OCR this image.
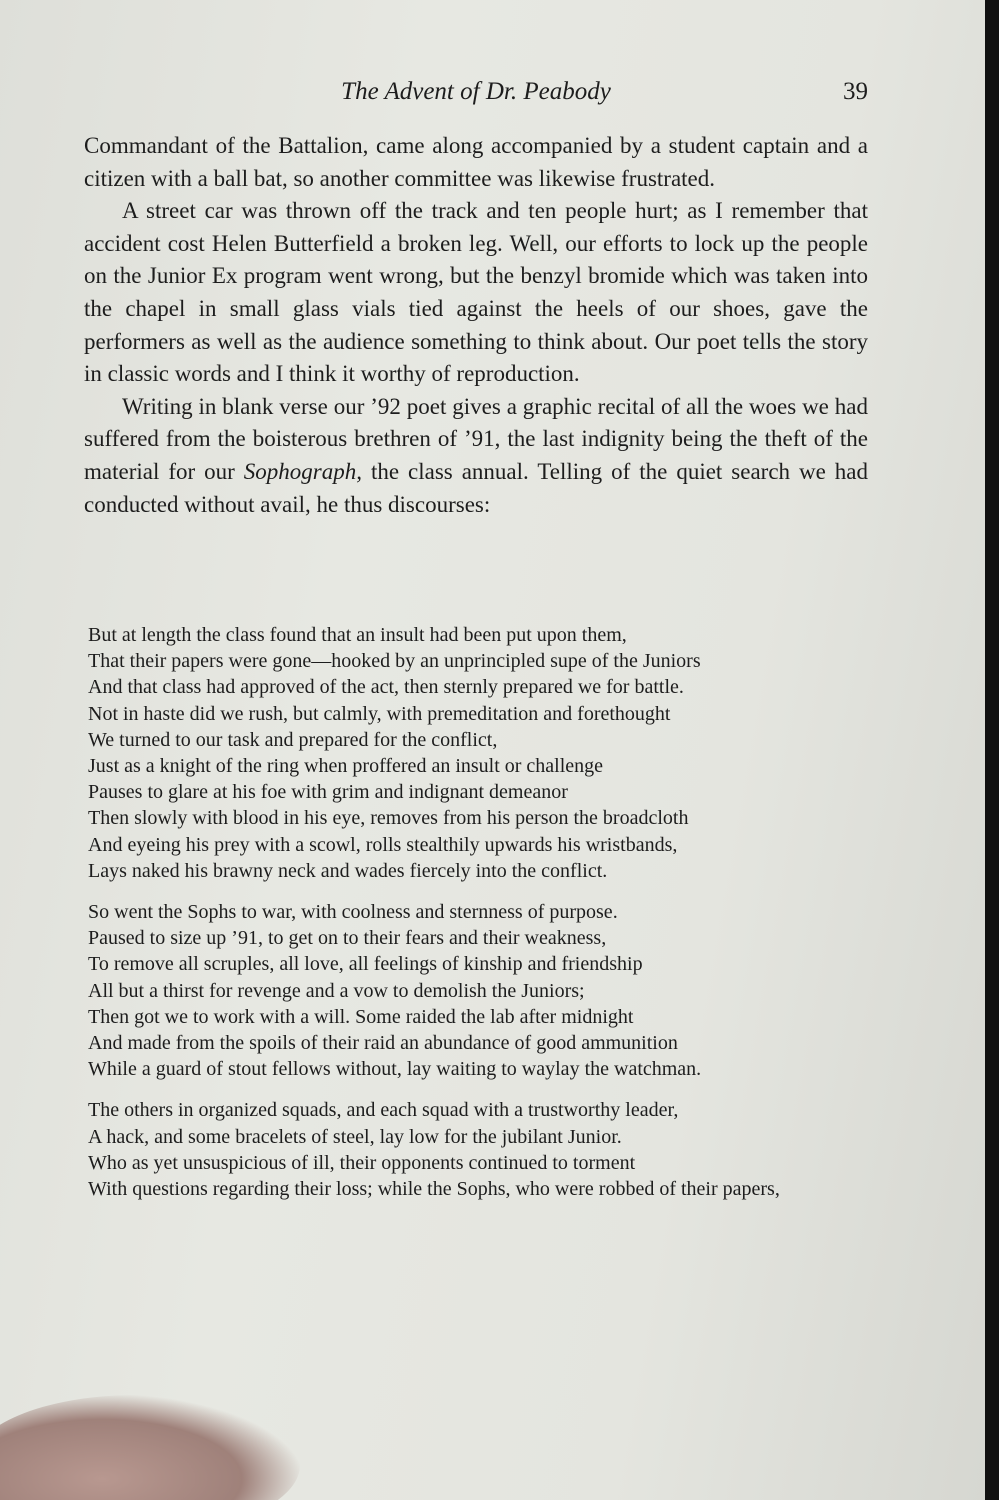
The Advent of Dr. Peabody	39

Commandant of the Battalion, came along accompanied by a student captain and a citizen with a ball bat, so another committee was likewise frustrated.

A street car was thrown off the track and ten people hurt; as I remember that accident cost Helen Butterfield a broken leg. Well, our efforts to lock up the people on the Junior Ex program went wrong, but the benzyl bromide which was taken into the chapel in small glass vials tied against the heels of our shoes, gave the performers as well as the audience something to think about. Our poet tells the story in classic words and I think it worthy of reproduction.

Writing in blank verse our ’92 poet gives a graphic recital of all the woes we had suffered from the boisterous brethren of ’91, the last indignity being the theft of the material for our Sophograph, the class annual. Telling of the quiet search we had conducted without avail, he thus discourses:

But at length the class found that an insult had been put upon them,
That their papers were gone—hooked by an unprincipled supe of the Juniors
And that class had approved of the act, then sternly prepared we for battle.
Not in haste did we rush, but calmly, with premeditation and forethought
We turned to our task and prepared for the conflict,
Just as a knight of the ring when proffered an insult or challenge
Pauses to glare at his foe with grim and indignant demeanor
Then slowly with blood in his eye, removes from his person the broadcloth
And eyeing his prey with a scowl, rolls stealthily upwards his wristbands,
Lays naked his brawny neck and wades fiercely into the conflict.
So went the Sophs to war, with coolness and sternness of purpose.
Paused to size up ’91, to get on to their fears and their weakness,
To remove all scruples, all love, all feelings of kinship and friendship
All but a thirst for revenge and a vow to demolish the Juniors;
Then got we to work with a will. Some raided the lab after midnight
And made from the spoils of their raid an abundance of good ammunition
While a guard of stout fellows without, lay waiting to waylay the watchman.
The others in organized squads, and each squad with a trustworthy leader,
A hack, and some bracelets of steel, lay low for the jubilant Junior.
Who as yet unsuspicious of ill, their opponents continued to torment
With questions regarding their loss; while the Sophs, who were robbed of their papers,
